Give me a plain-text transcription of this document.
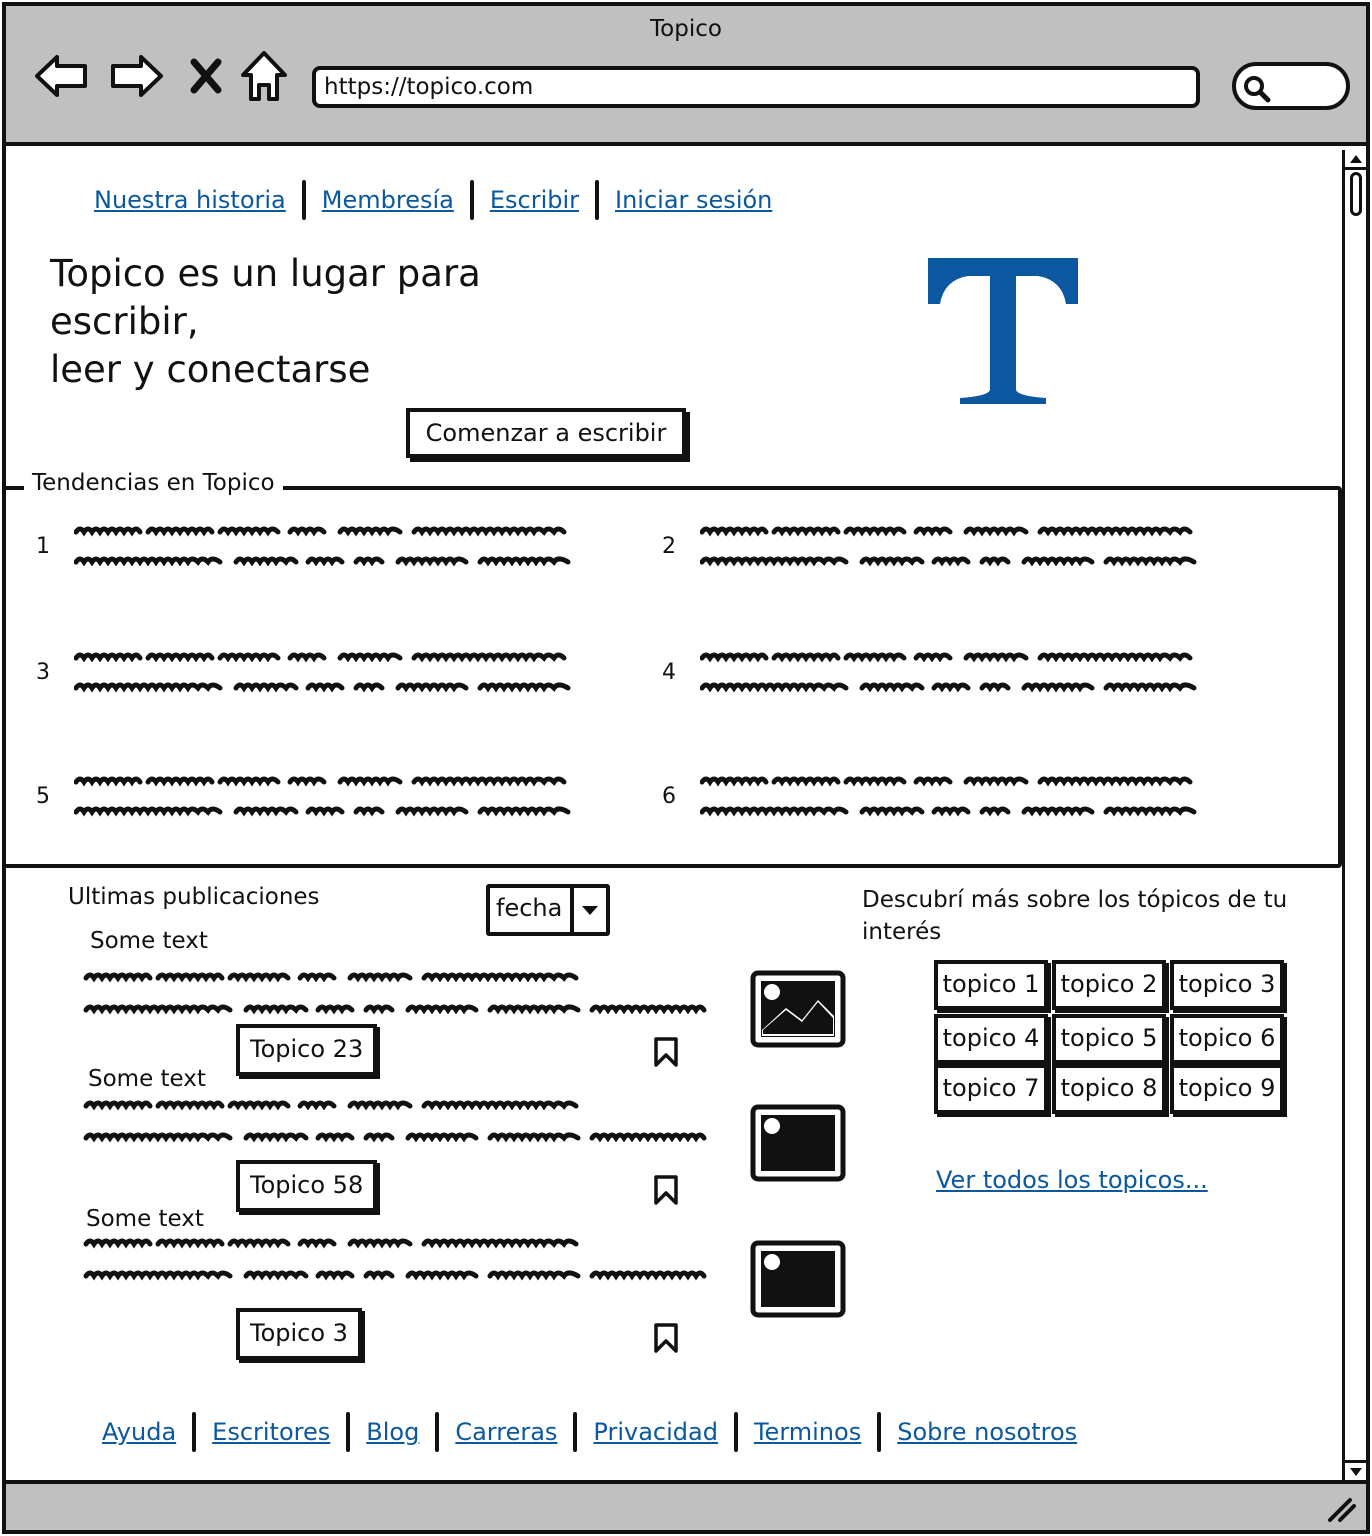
Topico
https://topico.com
Nuestra historia Membresía Escribir Iniciar sesión
Topico es un lugar para
escribir,
leer y conectarse
Comenzar a escribir
Tendencias en Topico
1	2
3	4
5	6
Ultimas publicaciones	fecha
Some text
Topico 23
Some text
Topico 58
Some text
Topico 3
Descubrí más sobre los tópicos de tu interés
topico 1 topico 2 topico 3
topico 4 topico 5 topico 6
topico 7 topico 8 topico 9
Ver todos los topicos...
Ayuda Escritores Blog Carreras Privacidad Terminos Sobre nosotros
